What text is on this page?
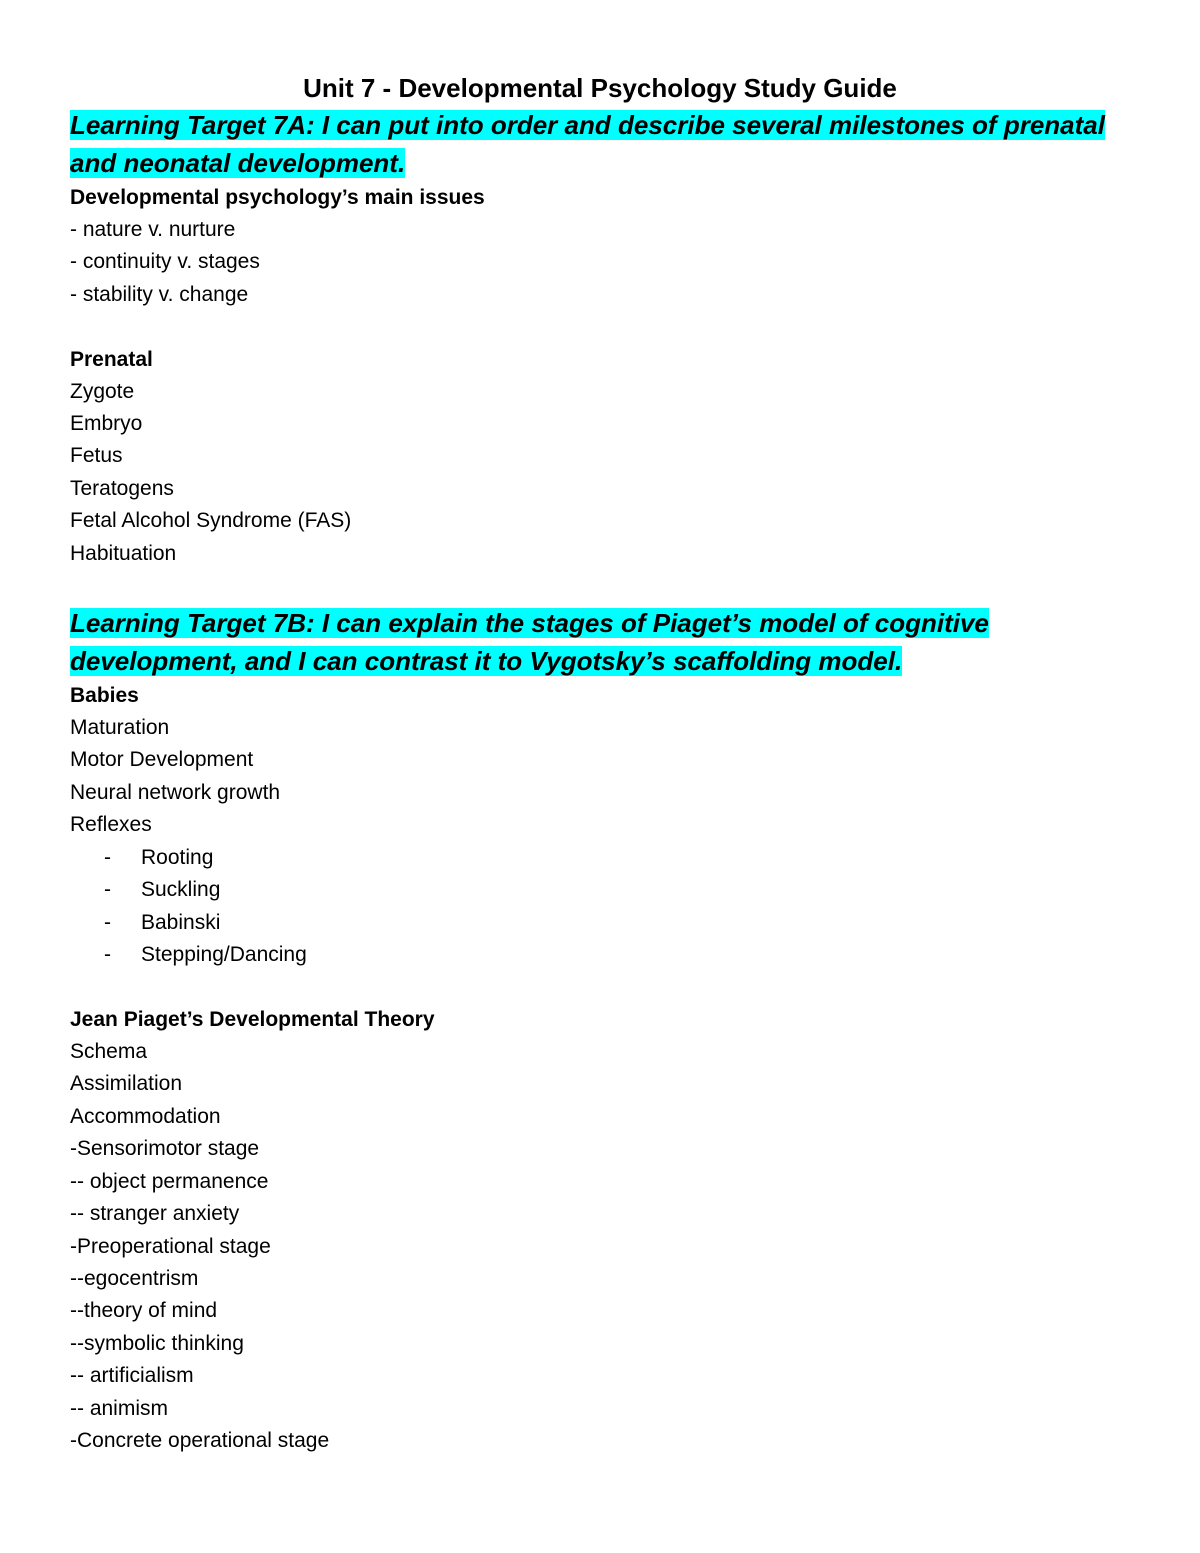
Unit 7 - Developmental Psychology Study Guide

Learning Target 7A: I can put into order and describe several milestones of prenatal and neonatal development.

Developmental psychology’s main issues

- nature v. nurture

- continuity v. stages

- stability v. change

Prenatal

Zygote

Embryo

Fetus

Teratogens

Fetal Alcohol Syndrome (FAS)

Habituation

Learning Target 7B: I can explain the stages of Piaget’s model of cognitive development, and I can contrast it to Vygotsky’s scaffolding model.

Babies

Maturation

Motor Development

Neural network growth

Reflexes

- Rooting

- Suckling

- Babinski

- Stepping/Dancing

Jean Piaget’s Developmental Theory

Schema

Assimilation

Accommodation

-Sensorimotor stage

-- object permanence

-- stranger anxiety

-Preoperational stage

--egocentrism

--theory of mind

--symbolic thinking

-- artificialism

-- animism

-Concrete operational stage
